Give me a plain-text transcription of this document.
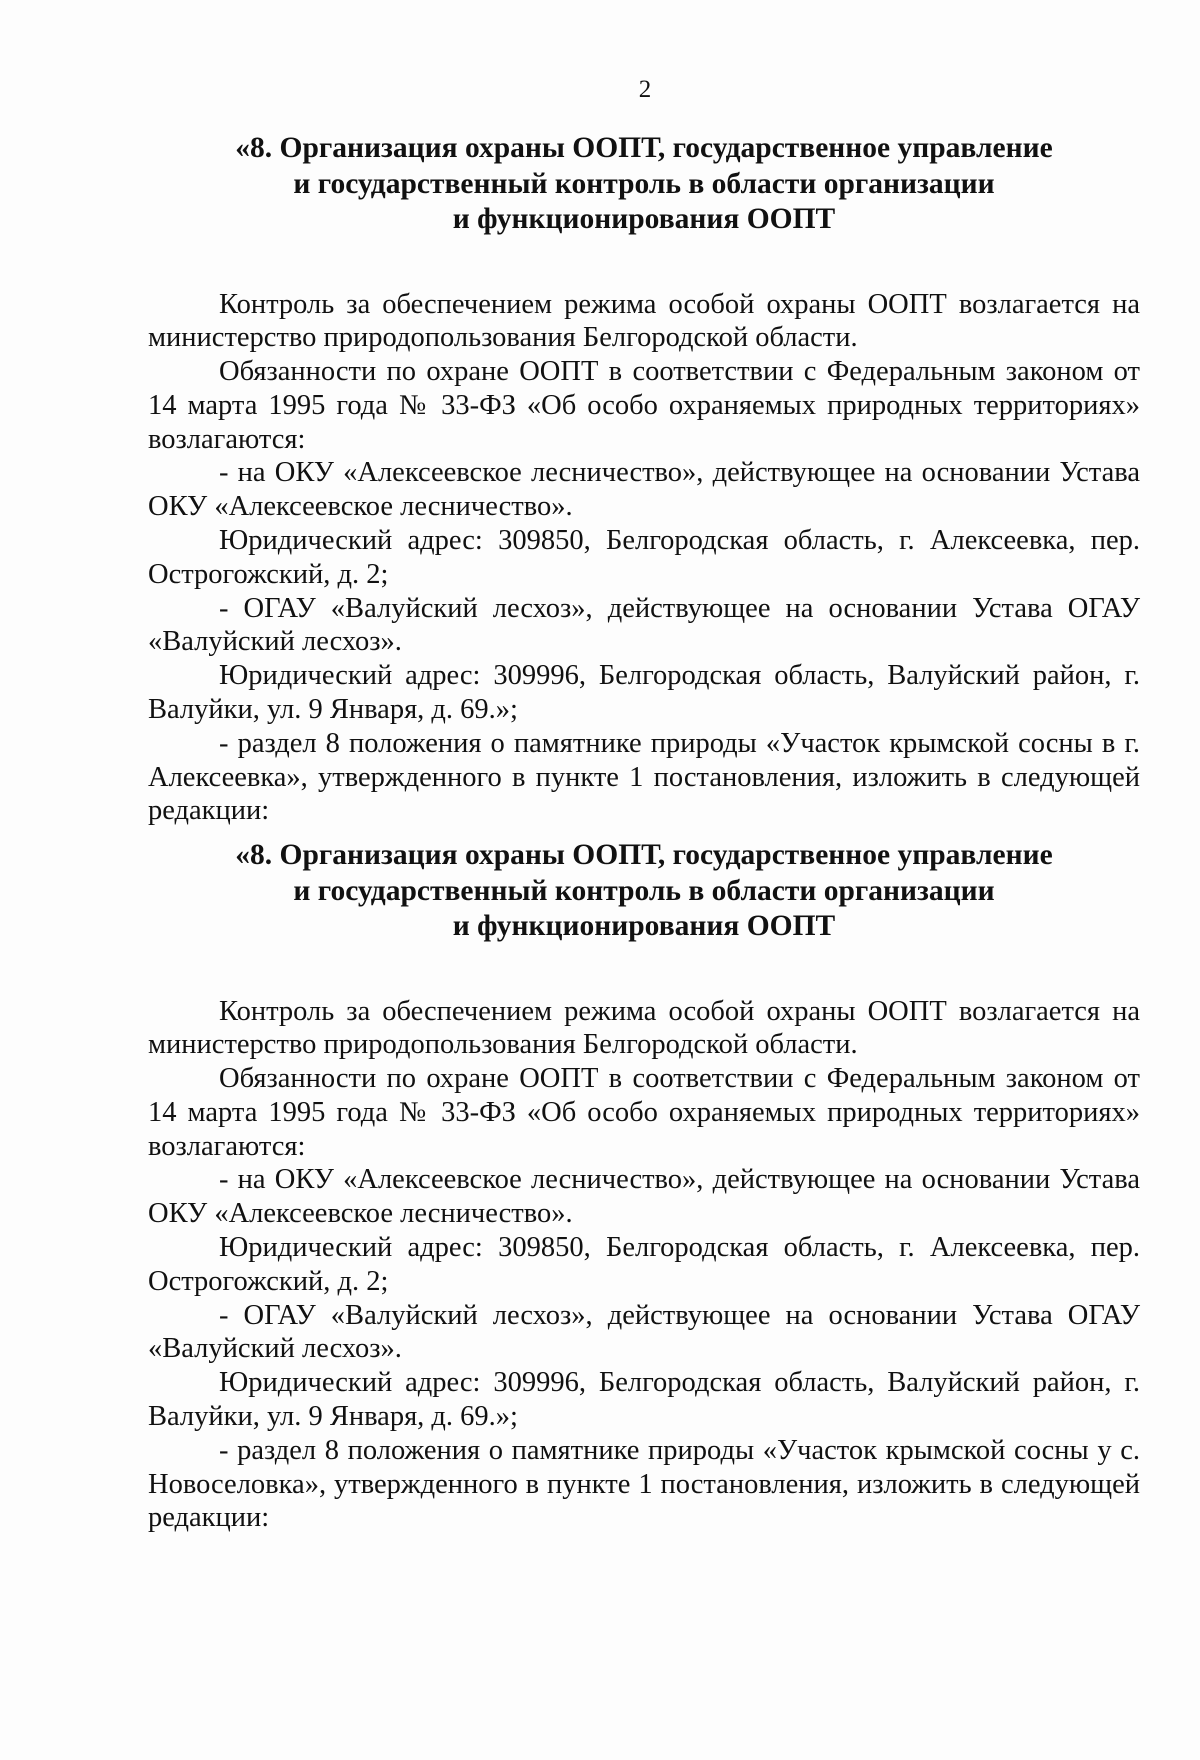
2
«8. Организация охраны ООПТ, государственное управление
и государственный контроль в области организации
и функционирования ООПТ

Контроль за обеспечением режима особой охраны ООПТ возлагается на министерство природопользования Белгородской области.

Обязанности по охране ООПТ в соответствии с Федеральным законом от 14 марта 1995 года № 33-ФЗ «Об особо охраняемых природных территориях» возлагаются:

- на ОКУ «Алексеевское лесничество», действующее на основании Устава ОКУ «Алексеевское лесничество».

Юридический адрес: 309850, Белгородская область, г. Алексеевка, пер. Острогожский, д. 2;

- ОГАУ «Валуйский лесхоз», действующее на основании Устава ОГАУ «Валуйский лесхоз».

Юридический адрес: 309996, Белгородская область, Валуйский район, г. Валуйки, ул. 9 Января, д. 69.»;

- раздел 8 положения о памятнике природы «Участок крымской сосны в г. Алексеевка», утвержденного в пункте 1 постановления, изложить в следующей редакции:

«8. Организация охраны ООПТ, государственное управление
и государственный контроль в области организации
и функционирования ООПТ

Контроль за обеспечением режима особой охраны ООПТ возлагается на министерство природопользования Белгородской области.

Обязанности по охране ООПТ в соответствии с Федеральным законом от 14 марта 1995 года № 33-ФЗ «Об особо охраняемых природных территориях» возлагаются:

- на ОКУ «Алексеевское лесничество», действующее на основании Устава ОКУ «Алексеевское лесничество».

Юридический адрес: 309850, Белгородская область, г. Алексеевка, пер. Острогожский, д. 2;

- ОГАУ «Валуйский лесхоз», действующее на основании Устава ОГАУ «Валуйский лесхоз».

Юридический адрес: 309996, Белгородская область, Валуйский район, г. Валуйки, ул. 9 Января, д. 69.»;

- раздел 8 положения о памятнике природы «Участок крымской сосны у с. Новоселовка», утвержденного в пункте 1 постановления, изложить в следующей редакции:
